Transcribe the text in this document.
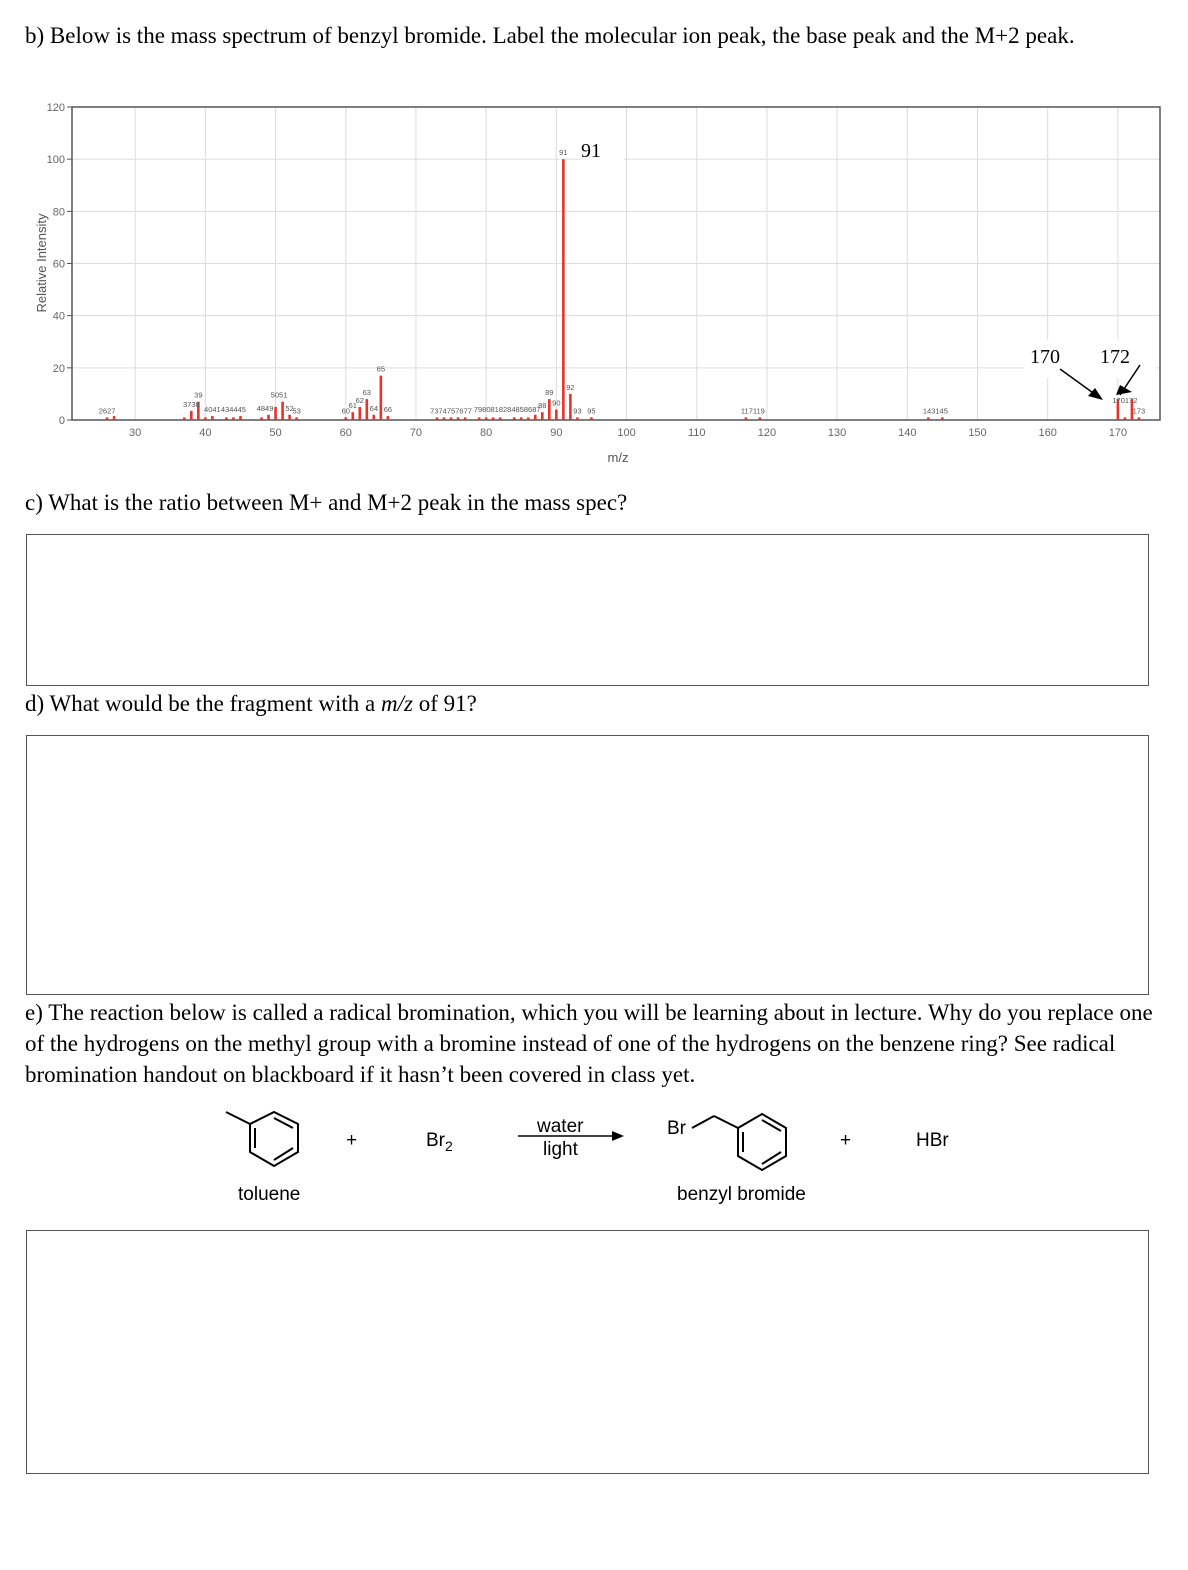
b) Below is the mass spectrum of benzyl bromide. Label the molecular ion peak, the base peak and the M+2 peak.

0
20
40
60
80
100
120
30	40	50	60	70	80	90	100	110	120	130	140	150	160	170
2627
3738
39
4041 434445 4849
5051
52
53	60
61
62
63
64
65
66	7374757677 7980818284858687
88
89
90
91
92
93 95	117119	143145
170172
173
Relative Intensity
m/z
91
170 172

c) What is the ratio between M+ and M+2 peak in the mass spec?

d) What would be the fragment with a m/z of 91?

e) The reaction below is called a radical bromination, which you will be learning about in lecture. Why do you replace one of the hydrogens on the methyl group with a bromine instead of one of the hydrogens on the benzene ring? See radical bromination handout on blackboard if it hasn’t been covered in class yet.

toluene
+	$Br_2$
water
light
Br
benzyl bromide
+	HBr
